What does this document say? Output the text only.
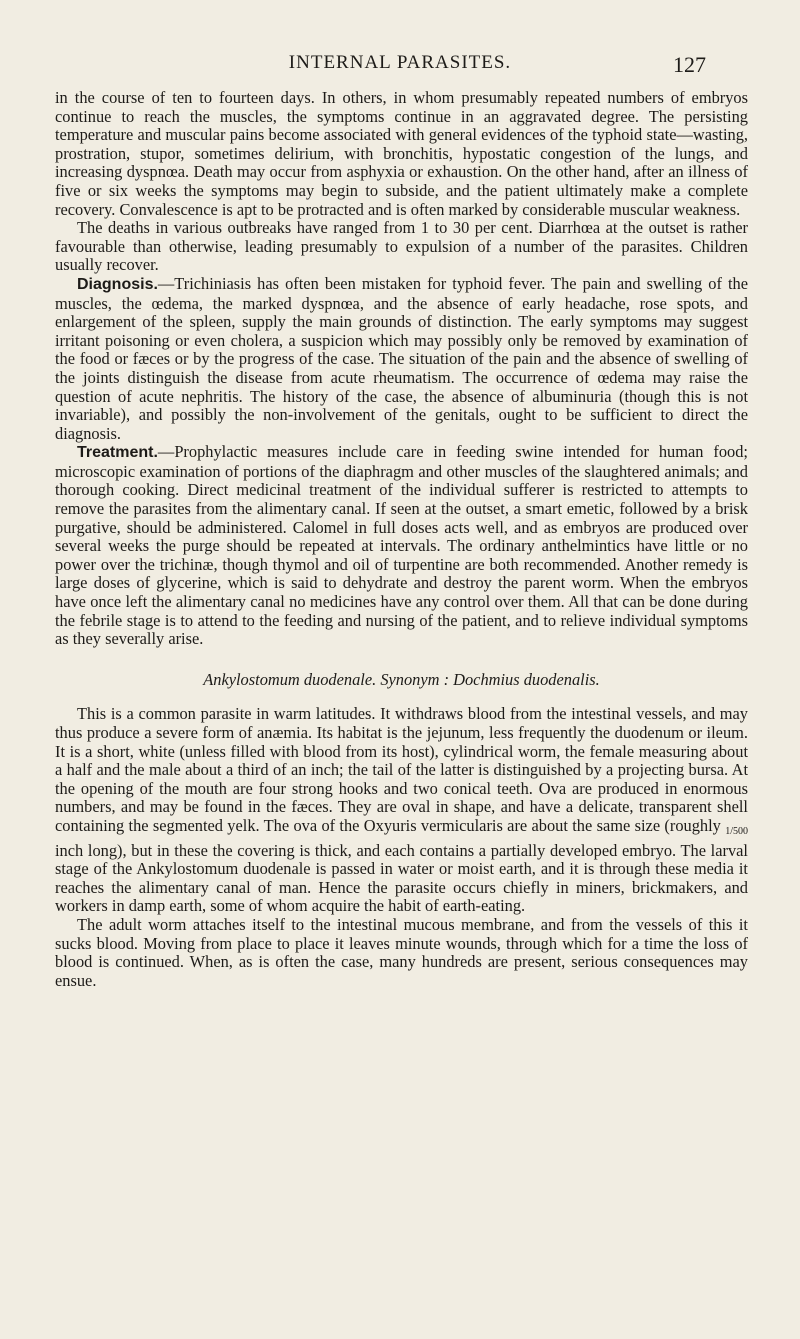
INTERNAL PARASITES.	127

in the course of ten to fourteen days. In others, in whom presumably repeated numbers of embryos continue to reach the muscles, the symptoms continue in an aggravated degree. The persisting temperature and muscular pains become associated with general evidences of the typhoid state—wasting, prostration, stupor, sometimes delirium, with bronchitis, hypostatic congestion of the lungs, and increasing dyspnœa. Death may occur from asphyxia or exhaustion. On the other hand, after an illness of five or six weeks the symptoms may begin to subside, and the patient ultimately make a complete recovery. Convalescence is apt to be protracted and is often marked by considerable muscular weakness.

The deaths in various outbreaks have ranged from 1 to 30 per cent. Diarrhœa at the outset is rather favourable than otherwise, leading presumably to expulsion of a number of the parasites. Children usually recover.

Diagnosis.—Trichiniasis has often been mistaken for typhoid fever. The pain and swelling of the muscles, the œdema, the marked dyspnœa, and the absence of early headache, rose spots, and enlargement of the spleen, supply the main grounds of distinction. The early symptoms may suggest irritant poisoning or even cholera, a suspicion which may possibly only be removed by examination of the food or fæces or by the progress of the case. The situation of the pain and the absence of swelling of the joints distinguish the disease from acute rheumatism. The occurrence of œdema may raise the question of acute nephritis. The history of the case, the absence of albuminuria (though this is not invariable), and possibly the non-involvement of the genitals, ought to be sufficient to direct the diagnosis.

Treatment.—Prophylactic measures include care in feeding swine intended for human food; microscopic examination of portions of the diaphragm and other muscles of the slaughtered animals; and thorough cooking. Direct medicinal treatment of the individual sufferer is restricted to attempts to remove the parasites from the alimentary canal. If seen at the outset, a smart emetic, followed by a brisk purgative, should be administered. Calomel in full doses acts well, and as embryos are produced over several weeks the purge should be repeated at intervals. The ordinary anthelmintics have little or no power over the trichinæ, though thymol and oil of turpentine are both recommended. Another remedy is large doses of glycerine, which is said to dehydrate and destroy the parent worm. When the embryos have once left the alimentary canal no medicines have any control over them. All that can be done during the febrile stage is to attend to the feeding and nursing of the patient, and to relieve individual symptoms as they severally arise.

Ankylostomum duodenale. Synonym : Dochmius duodenalis.

This is a common parasite in warm latitudes. It withdraws blood from the intestinal vessels, and may thus produce a severe form of anæmia. Its habitat is the jejunum, less frequently the duodenum or ileum. It is a short, white (unless filled with blood from its host), cylindrical worm, the female measuring about a half and the male about a third of an inch; the tail of the latter is distinguished by a projecting bursa. At the opening of the mouth are four strong hooks and two conical teeth. Ova are produced in enormous numbers, and may be found in the fæces. They are oval in shape, and have a delicate, transparent shell containing the segmented yelk. The ova of the Oxyuris vermicularis are about the same size (roughly 1/500 inch long), but in these the covering is thick, and each contains a partially developed embryo. The larval stage of the Ankylostomum duodenale is passed in water or moist earth, and it is through these media it reaches the alimentary canal of man. Hence the parasite occurs chiefly in miners, brickmakers, and workers in damp earth, some of whom acquire the habit of earth-eating.

The adult worm attaches itself to the intestinal mucous membrane, and from the vessels of this it sucks blood. Moving from place to place it leaves minute wounds, through which for a time the loss of blood is continued. When, as is often the case, many hundreds are present, serious consequences may ensue.
